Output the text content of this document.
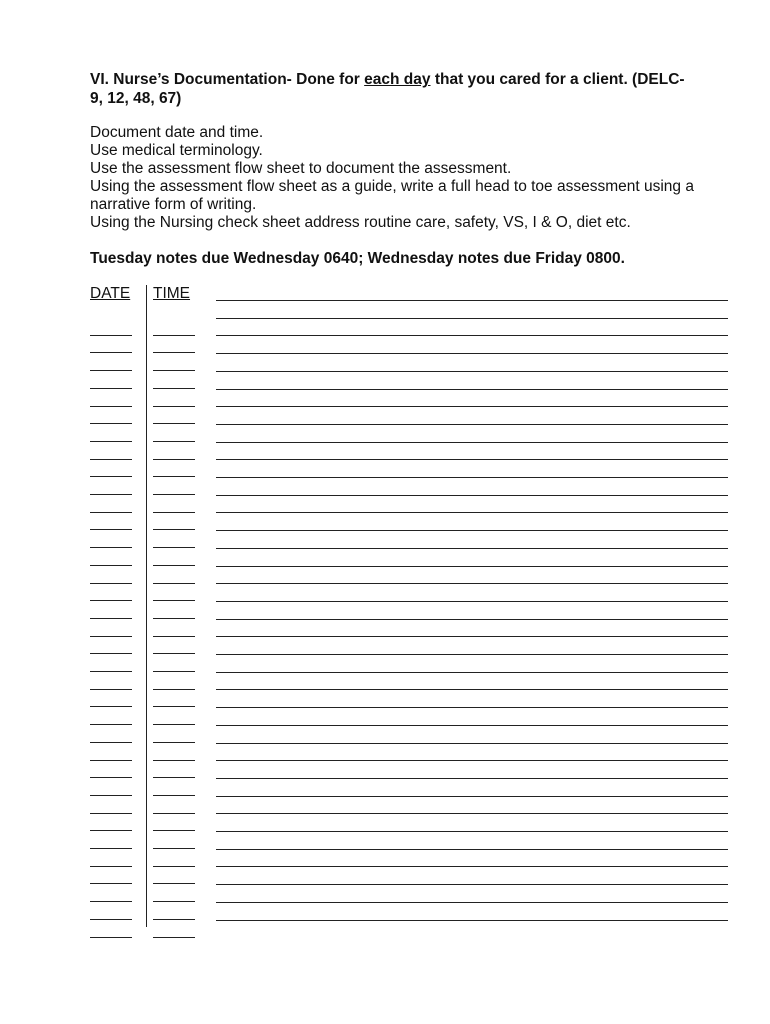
VI. Nurse’s Documentation- Done for each day that you cared for a client. (DELC-9, 12, 48, 67)
Document date and time.
Use medical terminology.
Use the assessment flow sheet to document the assessment.
Using the assessment flow sheet as a guide, write a full head to toe assessment using a narrative form of writing.
Using the Nursing check sheet address routine care, safety, VS, I & O, diet etc.
Tuesday notes due Wednesday 0640; Wednesday notes due Friday 0800.
DATE TIME
